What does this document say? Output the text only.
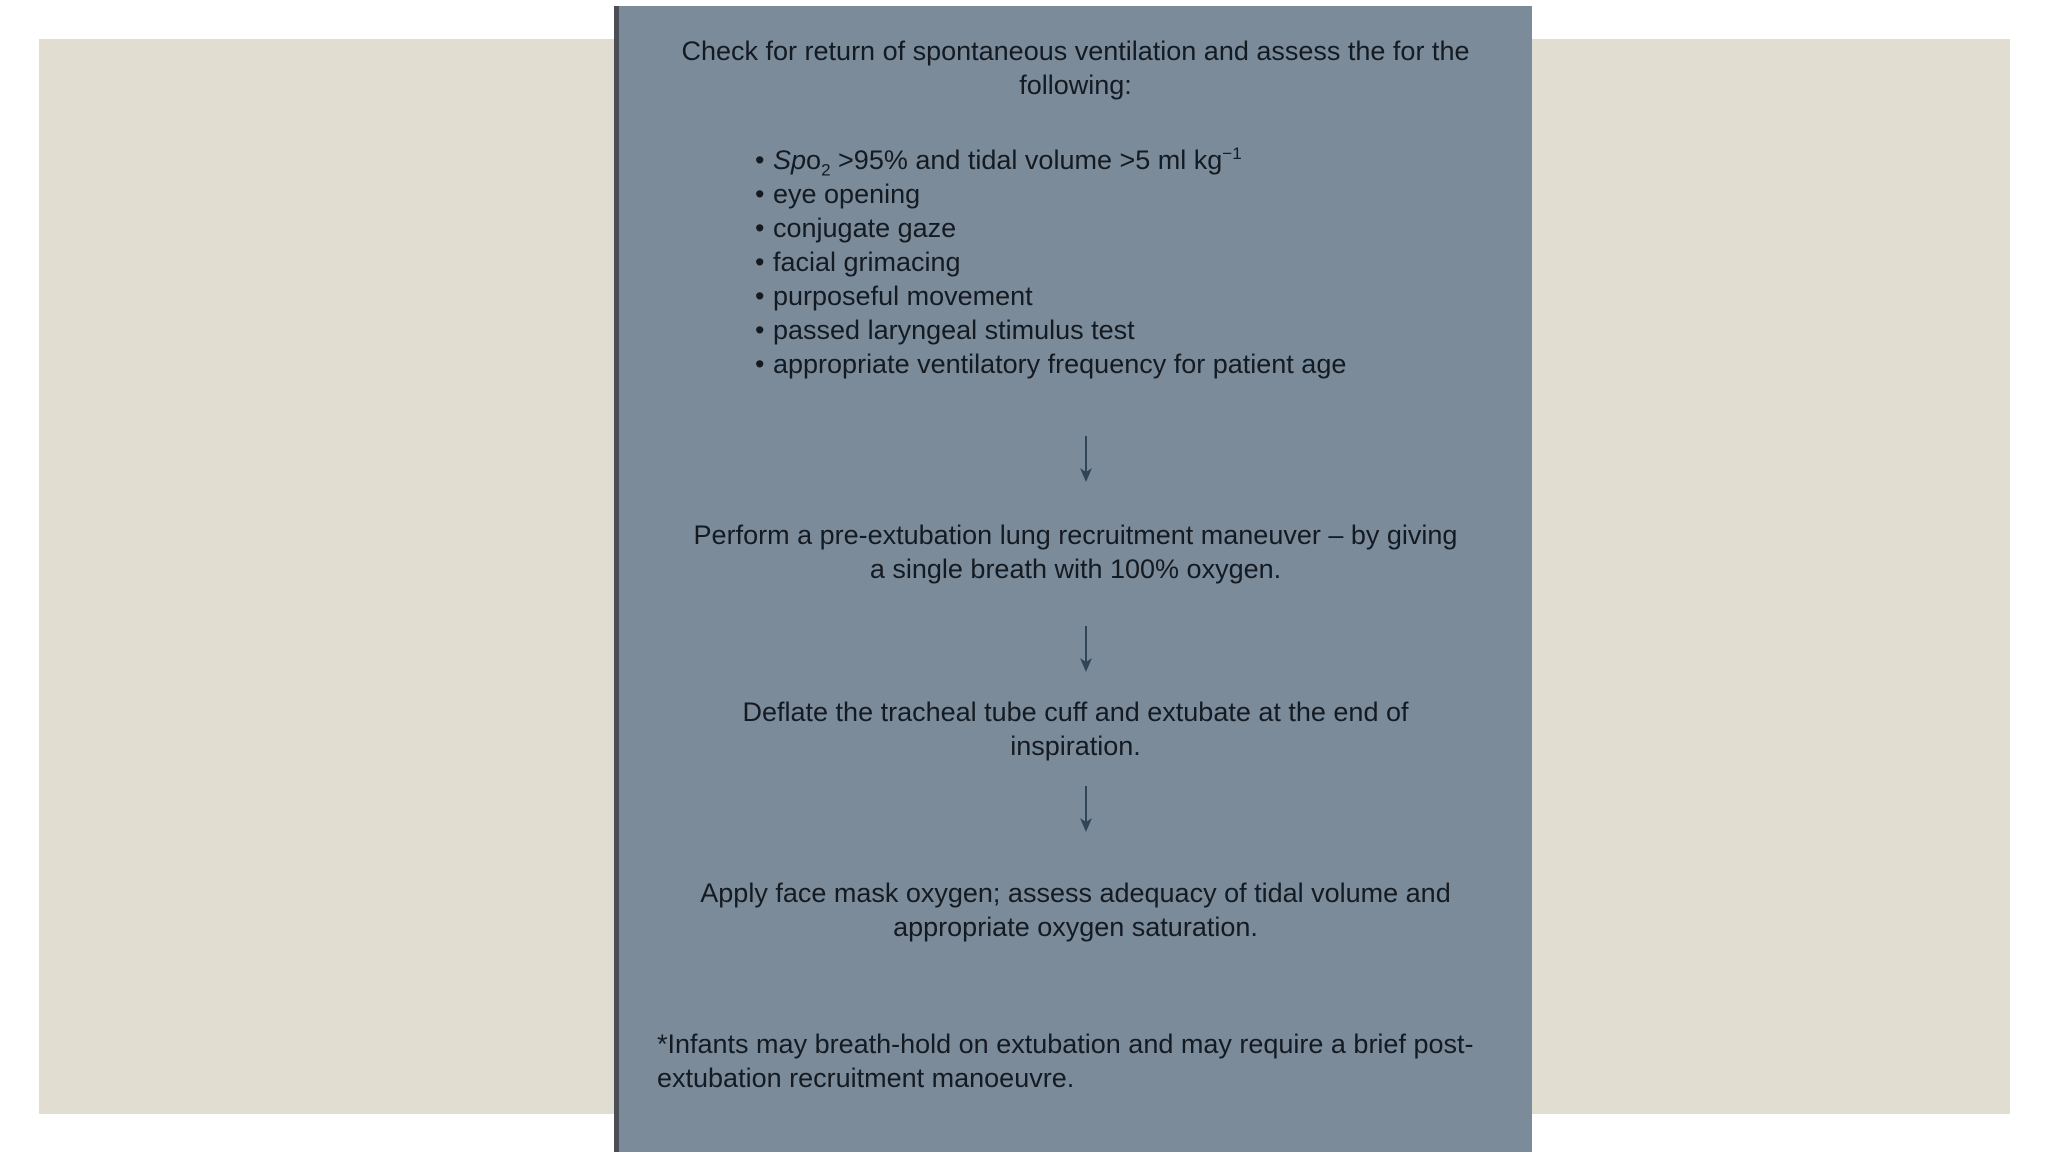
Check for return of spontaneous ventilation and assess the for the
following:
• Spo$_2$ >95% and tidal volume >5 ml $kg^{-1}$
• eye opening
• conjugate gaze
• facial grimacing
• purposeful movement
• passed laryngeal stimulus test
• appropriate ventilatory frequency for patient age
Perform a pre-extubation lung recruitment maneuver – by giving
a single breath with 100% oxygen.
Deflate the tracheal tube cuff and extubate at the end of
inspiration.
Apply face mask oxygen; assess adequacy of tidal volume and
appropriate oxygen saturation.
*Infants may breath-hold on extubation and may require a brief post-extubation recruitment manoeuvre.
